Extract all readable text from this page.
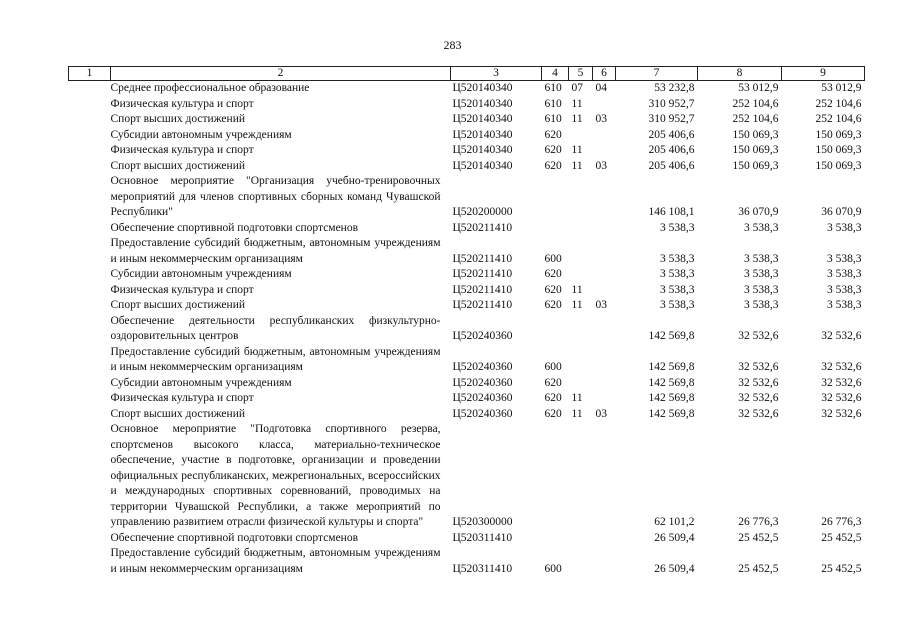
283
1	2	3	4	5	6	7	8	9
	Среднее профессиональное образование	Ц520140340	610	07	04	53 232,8	53 012,9	53 012,9
	Физическая культура и спорт	Ц520140340	610	11		310 952,7	252 104,6	252 104,6
	Спорт высших достижений	Ц520140340	610	11	03	310 952,7	252 104,6	252 104,6
	Субсидии автономным учреждениям	Ц520140340	620			205 406,6	150 069,3	150 069,3
	Физическая культура и спорт	Ц520140340	620	11		205 406,6	150 069,3	150 069,3
	Спорт высших достижений	Ц520140340	620	11	03	205 406,6	150 069,3	150 069,3
	Основное мероприятие "Организация учебно-тренировочных мероприятий для членов спортивных сборных команд Чувашской Республики"	Ц520200000				146 108,1	36 070,9	36 070,9
	Обеспечение спортивной подготовки спортсменов	Ц520211410				3 538,3	3 538,3	3 538,3
	Предоставление субсидий бюджетным, автономным учреждениям и иным некоммерческим организациям	Ц520211410	600			3 538,3	3 538,3	3 538,3
	Субсидии автономным учреждениям	Ц520211410	620			3 538,3	3 538,3	3 538,3
	Физическая культура и спорт	Ц520211410	620	11		3 538,3	3 538,3	3 538,3
	Спорт высших достижений	Ц520211410	620	11	03	3 538,3	3 538,3	3 538,3
	Обеспечение деятельности республиканских физкультурно-оздоровительных центров	Ц520240360				142 569,8	32 532,6	32 532,6
	Предоставление субсидий бюджетным, автономным учреждениям и иным некоммерческим организациям	Ц520240360	600			142 569,8	32 532,6	32 532,6
	Субсидии автономным учреждениям	Ц520240360	620			142 569,8	32 532,6	32 532,6
	Физическая культура и спорт	Ц520240360	620	11		142 569,8	32 532,6	32 532,6
	Спорт высших достижений	Ц520240360	620	11	03	142 569,8	32 532,6	32 532,6
	Основное мероприятие "Подготовка спортивного резерва, спортсменов высокого класса, материально-техническое обеспечение, участие в подготовке, организации и проведении официальных республиканских, межрегиональных, всероссийских и международных спортивных соревнований, проводимых на территории Чувашской Республики, а также мероприятий по управлению развитием отрасли физической культуры и спорта"	Ц520300000				62 101,2	26 776,3	26 776,3
	Обеспечение спортивной подготовки спортсменов	Ц520311410				26 509,4	25 452,5	25 452,5
	Предоставление субсидий бюджетным, автономным учреждениям и иным некоммерческим организациям	Ц520311410	600			26 509,4	25 452,5	25 452,5
